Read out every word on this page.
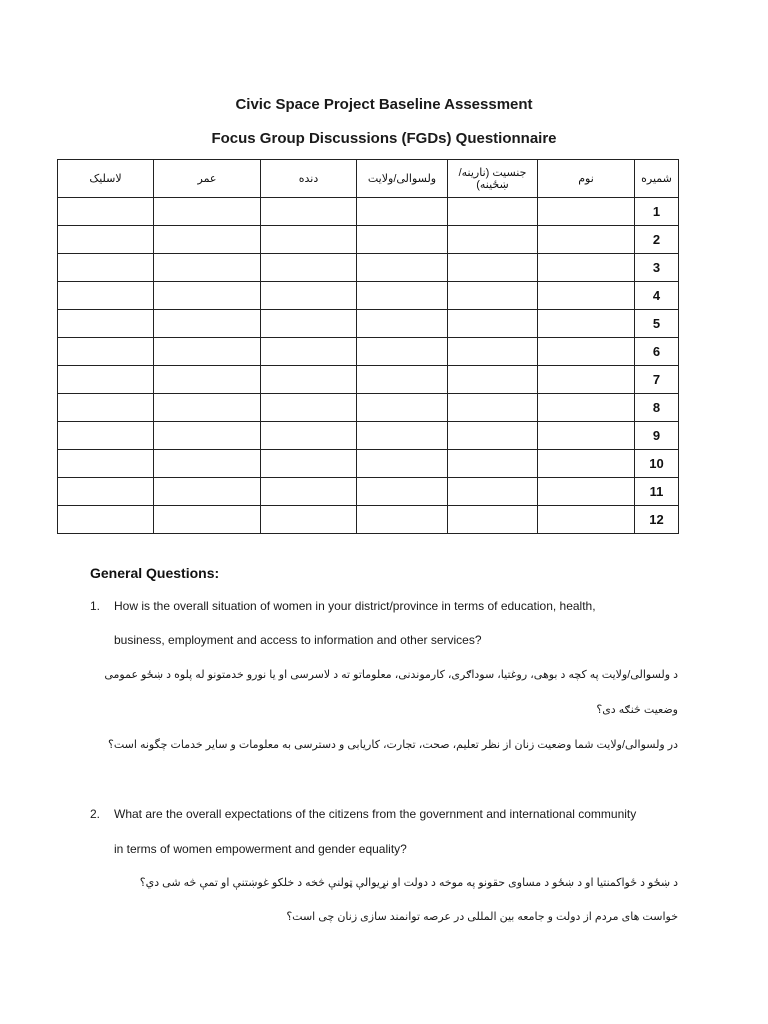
Civic Space Project Baseline Assessment
Focus Group Discussions (FGDs) Questionnaire
لاسلیک	عمر	دنده	ولسوالی/ولایت	جنسیت (نارینه/ښځینه)	نوم	شمیره
						1
						2
						3
						4
						5
						6
						7
						8
						9
						10
						11
						12
General Questions:
1. How is the overall situation of women in your district/province in terms of education, health,
business, employment and access to information and other services?
د ولسوالی/ولایت په کچه د بوهی، روغتیا، سوداګری، کارموندنی، معلوماتو ته د لاسرسی او یا نورو خدمتونو له پلوه د ښځو عمومی
وضعیت څنګه دی؟
در ولسوالی/ولایت شما وضعیت زنان از نظر تعلیم، صحت، تجارت، کاریابی و دسترسی به معلومات و سایر خدمات چگونه است؟
2. What are the overall expectations of the citizens from the government and international community
in terms of women empowerment and gender equality?
د ښځو د ځواکمنتیا او د ښځو د مساوی حقونو په موخه د دولت او نړیوالې ټولنې څخه د خلکو غوښتنې او تمې څه شی دي؟
خواست های مردم از دولت و جامعه بین المللی در عرصه توانمند سازی زنان چی است؟
